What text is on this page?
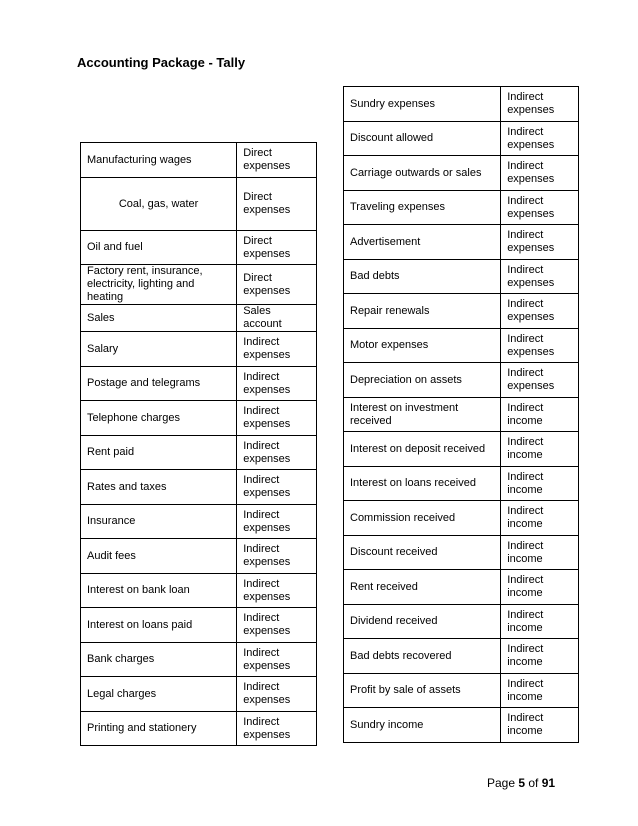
Accounting Package - Tally
Manufacturing wages	Direct expenses
Coal, gas, water	Direct expenses
Oil and fuel	Direct expenses
Factory rent, insurance, electricity, lighting and heating	Direct expenses
Sales	Sales account
Salary	Indirect expenses
Postage and telegrams	Indirect expenses
Telephone charges	Indirect expenses
Rent paid	Indirect expenses
Rates and taxes	Indirect expenses
Insurance	Indirect expenses
Audit fees	Indirect expenses
Interest on bank loan	Indirect expenses
Interest on loans paid	Indirect expenses
Bank charges	Indirect expenses
Legal charges	Indirect expenses
Printing and stationery	Indirect expenses
Sundry expenses	Indirect expenses
Discount allowed	Indirect expenses
Carriage outwards or sales	Indirect expenses
Traveling expenses	Indirect expenses
Advertisement	Indirect expenses
Bad debts	Indirect expenses
Repair renewals	Indirect expenses
Motor expenses	Indirect expenses
Depreciation on assets	Indirect expenses
Interest on investment received	Indirect income
Interest on deposit received	Indirect income
Interest on loans received	Indirect income
Commission received	Indirect income
Discount received	Indirect income
Rent received	Indirect income
Dividend received	Indirect income
Bad debts recovered	Indirect income
Profit by sale of assets	Indirect income
Sundry income	Indirect income
Page 5 of 91
